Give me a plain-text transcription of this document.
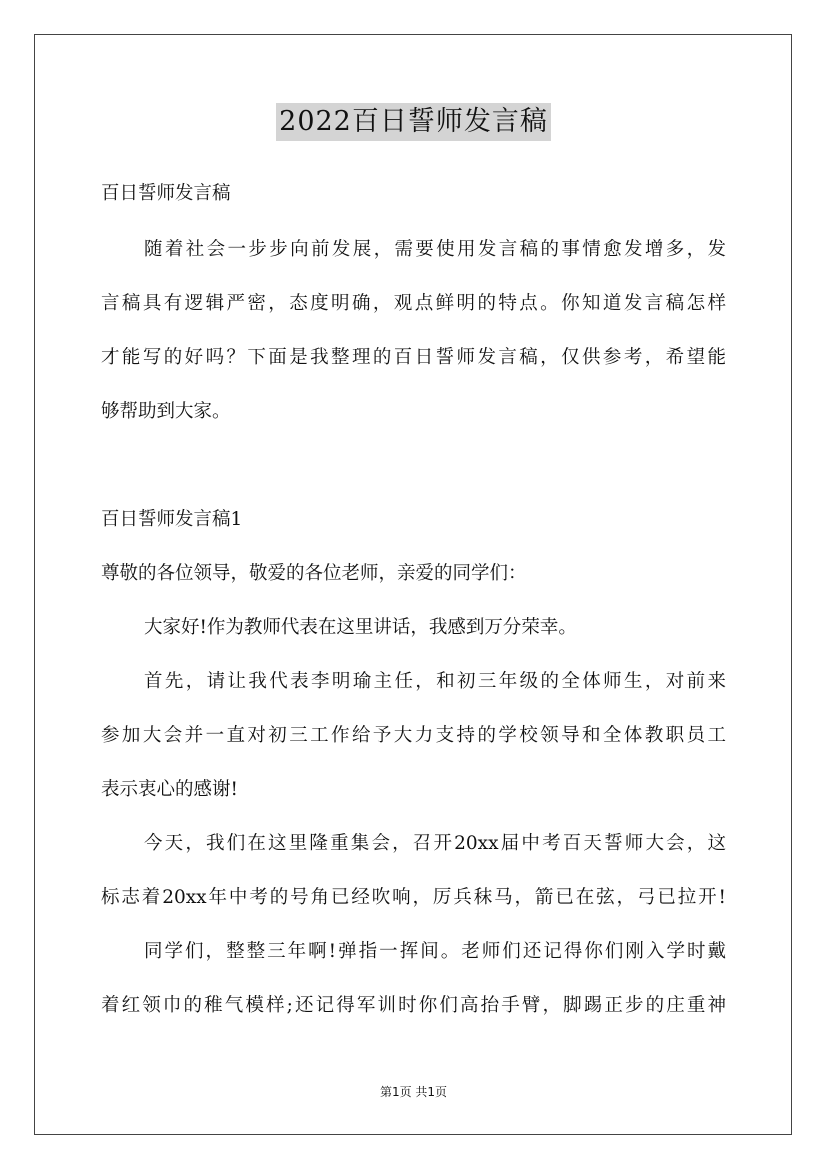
2022百日誓师发言稿
百日誓师发言稿
随着社会一步步向前发展，需要使用发言稿的事情愈发增多，发
言稿具有逻辑严密，态度明确，观点鲜明的特点。你知道发言稿怎样
才能写的好吗？下面是我整理的百日誓师发言稿，仅供参考，希望能
够帮助到大家。
百日誓师发言稿1
尊敬的各位领导，敬爱的各位老师，亲爱的同学们：
大家好!作为教师代表在这里讲话，我感到万分荣幸。
首先，请让我代表李明瑜主任，和初三年级的全体师生，对前来
参加大会并一直对初三工作给予大力支持的学校领导和全体教职员工
表示衷心的感谢!
今天，我们在这里隆重集会，召开20xx届中考百天誓师大会，这
标志着20xx年中考的号角已经吹响，厉兵秣马，箭已在弦，弓已拉开!
同学们，整整三年啊!弹指一挥间。老师们还记得你们刚入学时戴
着红领巾的稚气模样;还记得军训时你们高抬手臂，脚踢正步的庄重神
第1页 共1页
